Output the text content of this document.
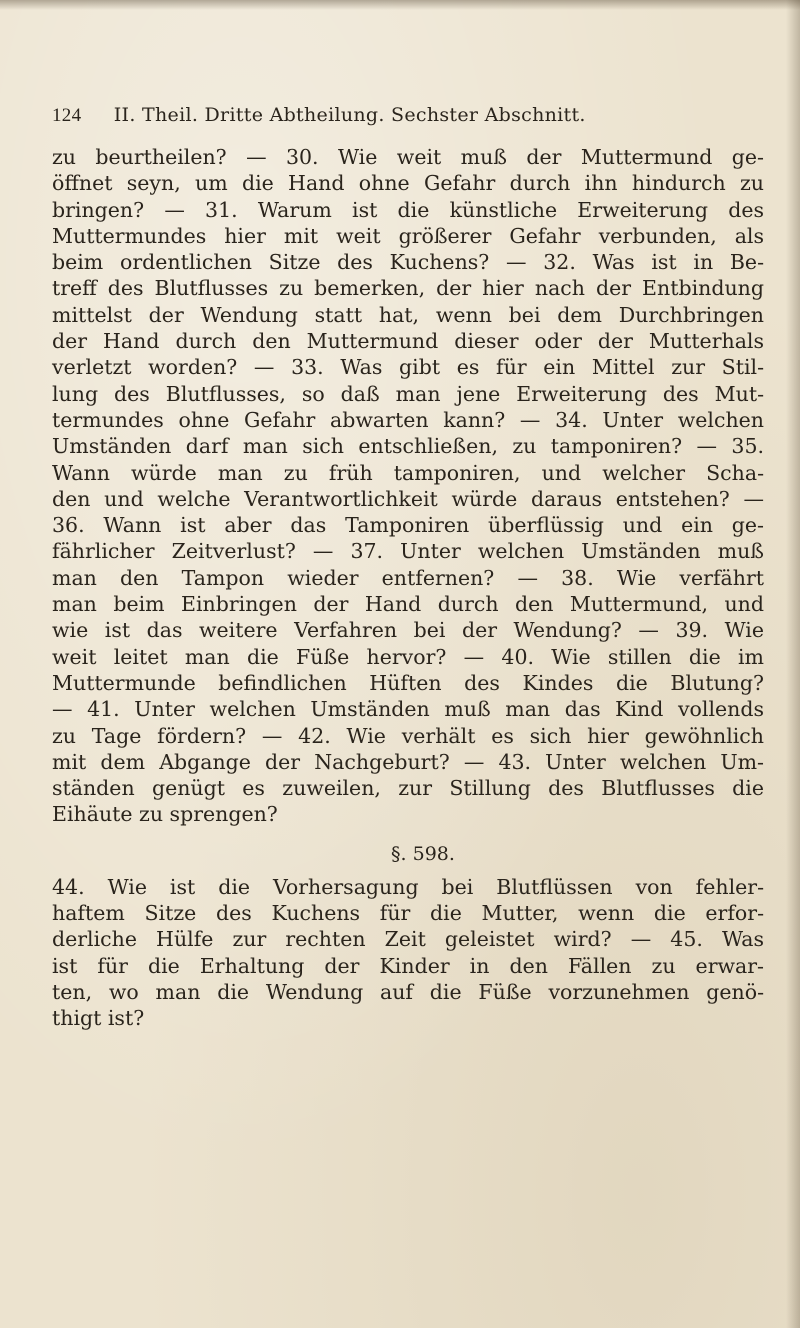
124 II. Theil. Dritte Abtheilung. Sechster Abschnitt.
zu beurtheilen? — 30. Wie weit muß der Muttermund ge-
öffnet seyn, um die Hand ohne Gefahr durch ihn hindurch zu
bringen? — 31. Warum ist die künstliche Erweiterung des
Muttermundes hier mit weit größerer Gefahr verbunden, als
beim ordentlichen Sitze des Kuchens? — 32. Was ist in Be-
treff des Blutflusses zu bemerken, der hier nach der Entbindung
mittelst der Wendung statt hat, wenn bei dem Durchbringen
der Hand durch den Muttermund dieser oder der Mutterhals
verletzt worden? — 33. Was gibt es für ein Mittel zur Stil-
lung des Blutflusses, so daß man jene Erweiterung des Mut-
termundes ohne Gefahr abwarten kann? — 34. Unter welchen
Umständen darf man sich entschließen, zu tamponiren? — 35.
Wann würde man zu früh tamponiren, und welcher Scha-
den und welche Verantwortlichkeit würde daraus entstehen? —
36. Wann ist aber das Tamponiren überflüssig und ein ge-
fährlicher Zeitverlust? — 37. Unter welchen Umständen muß
man den Tampon wieder entfernen? — 38. Wie verfährt
man beim Einbringen der Hand durch den Muttermund, und
wie ist das weitere Verfahren bei der Wendung? — 39. Wie
weit leitet man die Füße hervor? — 40. Wie stillen die im
Muttermunde befindlichen Hüften des Kindes die Blutung?
— 41. Unter welchen Umständen muß man das Kind vollends
zu Tage fördern? — 42. Wie verhält es sich hier gewöhnlich
mit dem Abgange der Nachgeburt? — 43. Unter welchen Um-
ständen genügt es zuweilen, zur Stillung des Blutflusses die
Eihäute zu sprengen?
§. 598.
44. Wie ist die Vorhersagung bei Blutflüssen von fehler-
haftem Sitze des Kuchens für die Mutter, wenn die erfor-
derliche Hülfe zur rechten Zeit geleistet wird? — 45. Was
ist für die Erhaltung der Kinder in den Fällen zu erwar-
ten, wo man die Wendung auf die Füße vorzunehmen genö-
thigt ist?
